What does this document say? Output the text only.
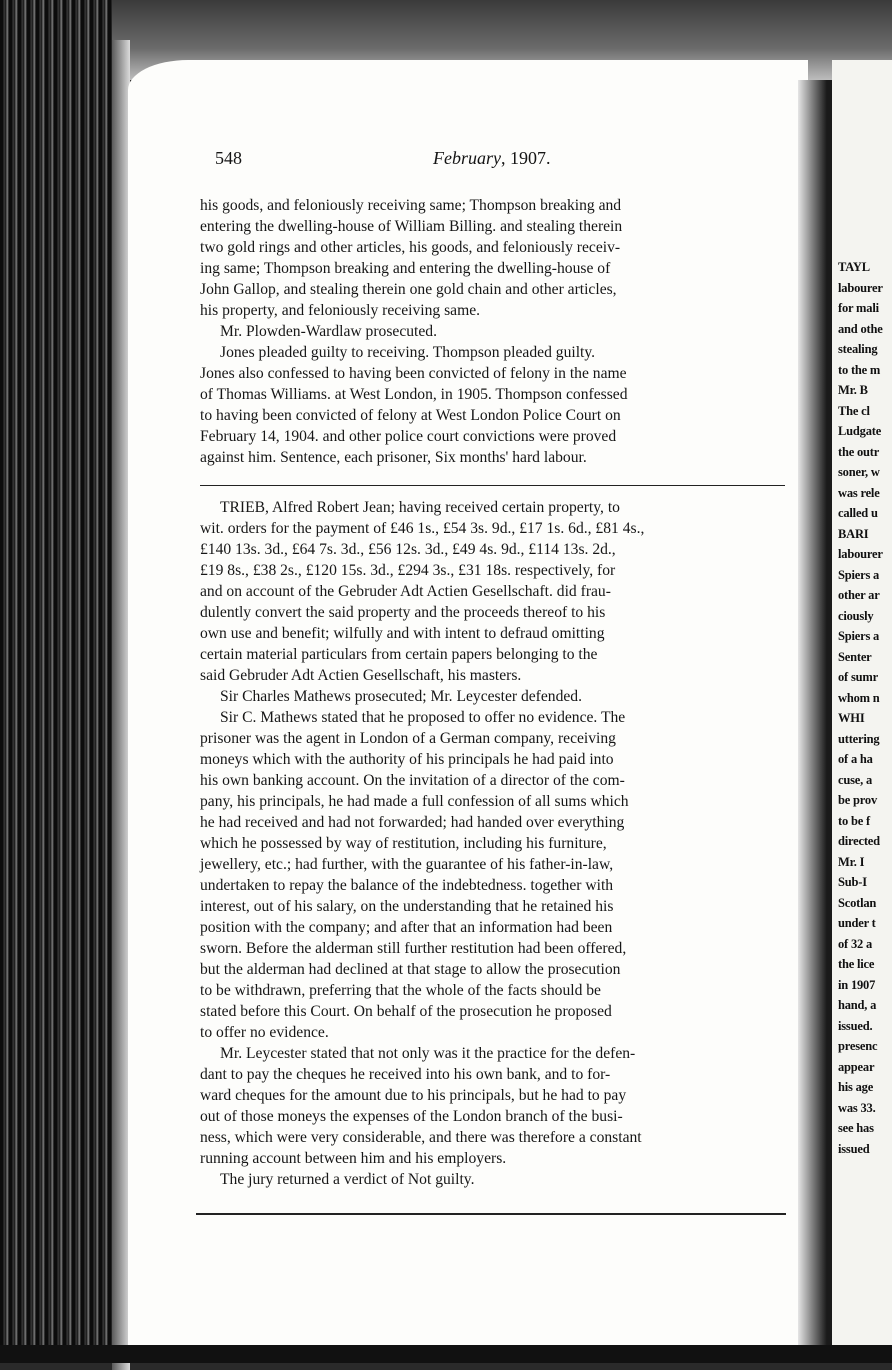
TAYL
labourer
for mali
and othe
stealing
to the m
Mr. B
The cl
Ludgate
the outr
soner, w
was rele
called u
BARI
labourer
Spiers a
other ar
ciously
Spiers a
Senter
of sumr
whom n
WHI
uttering
of a ha
cuse, a
be prov
to be f
directed
Mr. I
Sub-I
Scotlan
under t
of 32 a
the lice
in 1907
hand, a
issued.
presenc
appear
his age
was 33.
see has
issued
548	February, 1907.
his goods, and feloniously receiving same; Thompson breaking and
entering the dwelling-house of William Billing. and stealing therein
two gold rings and other articles, his goods, and feloniously receiv-
ing same; Thompson breaking and entering the dwelling-house of
John Gallop, and stealing therein one gold chain and other articles,
his property, and feloniously receiving same.
Mr. Plowden-Wardlaw prosecuted.
Jones pleaded guilty to receiving. Thompson pleaded guilty.
Jones also confessed to having been convicted of felony in the name
of Thomas Williams. at West London, in 1905. Thompson confessed
to having been convicted of felony at West London Police Court on
February 14, 1904. and other police court convictions were proved
against him. Sentence, each prisoner, Six months' hard labour.
TRIEB, Alfred Robert Jean; having received certain property, to
wit. orders for the payment of £46 1s., £54 3s. 9d., £17 1s. 6d., £81 4s.,
£140 13s. 3d., £64 7s. 3d., £56 12s. 3d., £49 4s. 9d., £114 13s. 2d.,
£19 8s., £38 2s., £120 15s. 3d., £294 3s., £31 18s. respectively, for
and on account of the Gebruder Adt Actien Gesellschaft. did frau-
dulently convert the said property and the proceeds thereof to his
own use and benefit; wilfully and with intent to defraud omitting
certain material particulars from certain papers belonging to the
said Gebruder Adt Actien Gesellschaft, his masters.
Sir Charles Mathews prosecuted; Mr. Leycester defended.
Sir C. Mathews stated that he proposed to offer no evidence. The
prisoner was the agent in London of a German company, receiving
moneys which with the authority of his principals he had paid into
his own banking account. On the invitation of a director of the com-
pany, his principals, he had made a full confession of all sums which
he had received and had not forwarded; had handed over everything
which he possessed by way of restitution, including his furniture,
jewellery, etc.; had further, with the guarantee of his father-in-law,
undertaken to repay the balance of the indebtedness. together with
interest, out of his salary, on the understanding that he retained his
position with the company; and after that an information had been
sworn. Before the alderman still further restitution had been offered,
but the alderman had declined at that stage to allow the prosecution
to be withdrawn, preferring that the whole of the facts should be
stated before this Court. On behalf of the prosecution he proposed
to offer no evidence.
Mr. Leycester stated that not only was it the practice for the defen-
dant to pay the cheques he received into his own bank, and to for-
ward cheques for the amount due to his principals, but he had to pay
out of those moneys the expenses of the London branch of the busi-
ness, which were very considerable, and there was therefore a constant
running account between him and his employers.
The jury returned a verdict of Not guilty.
